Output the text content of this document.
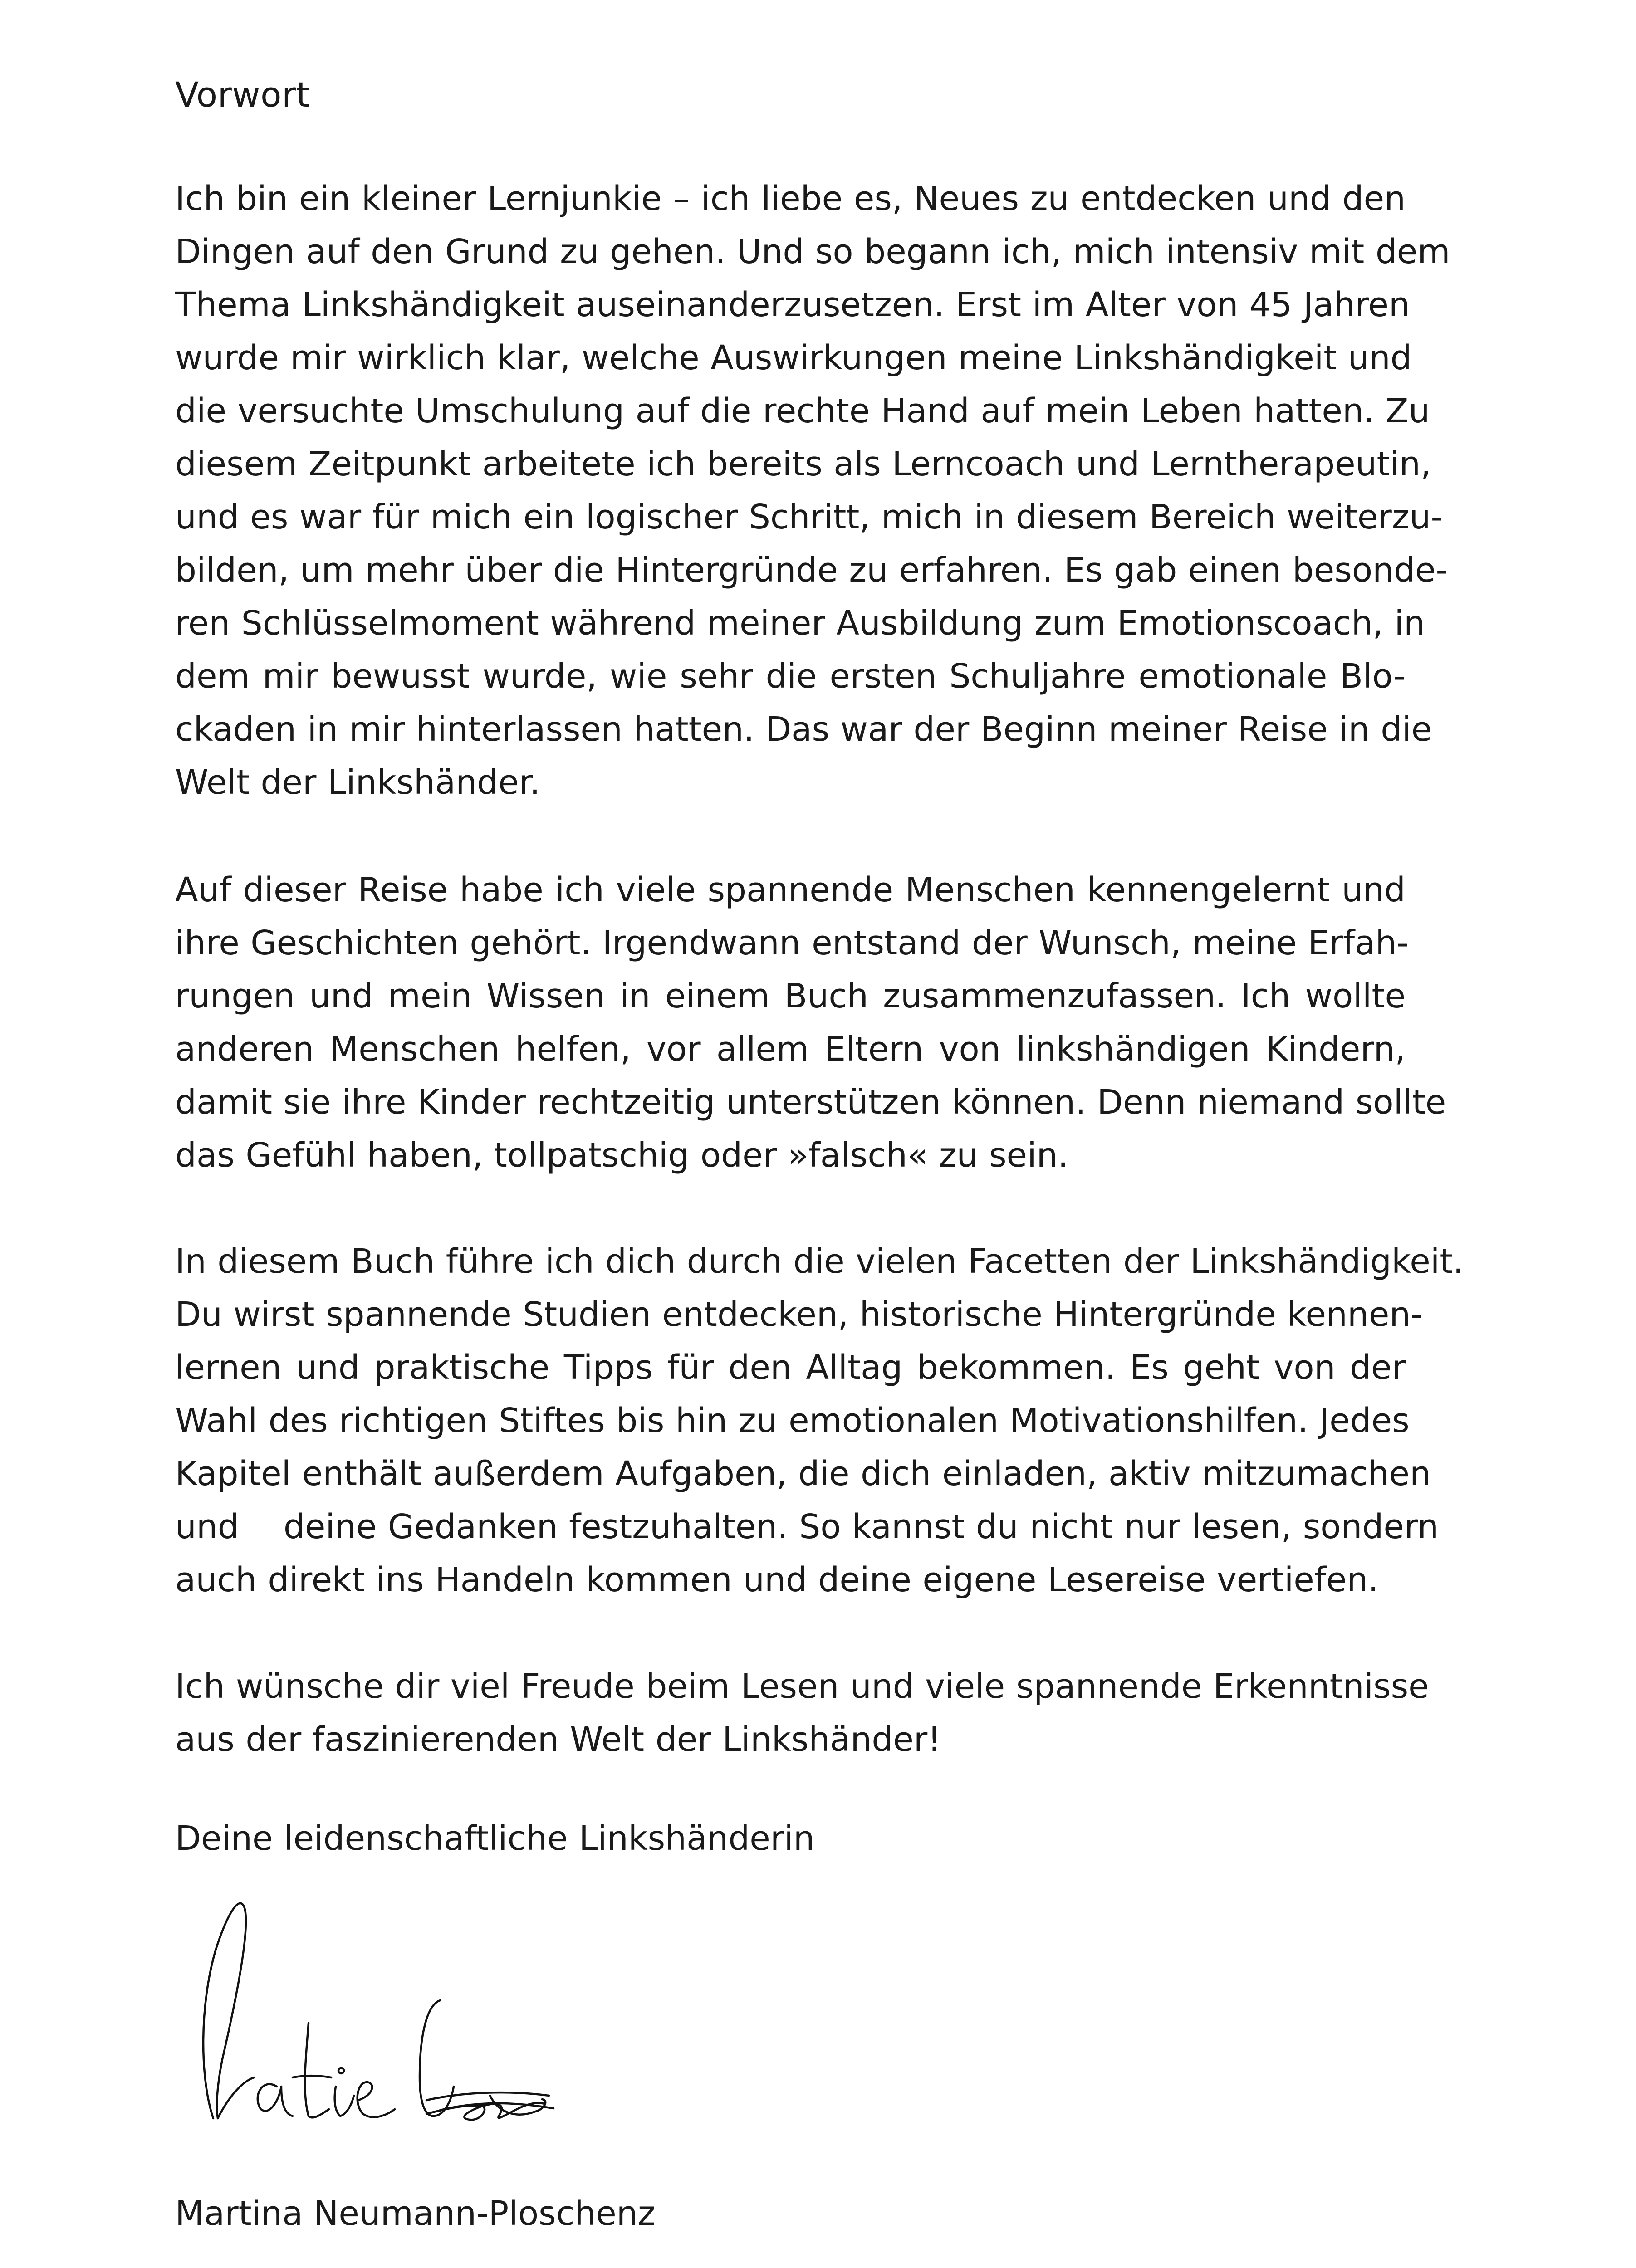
Vorwort

Ich bin ein kleiner Lernjunkie – ich liebe es, Neues zu entdecken und den
Dingen auf den Grund zu gehen. Und so begann ich, mich intensiv mit dem
Thema Linkshändigkeit auseinanderzusetzen. Erst im Alter von 45 Jahren
wurde mir wirklich klar, welche Auswirkungen meine Linkshändigkeit und
die versuchte Umschulung auf die rechte Hand auf mein Leben hatten. Zu
diesem Zeitpunkt arbeitete ich bereits als Lerncoach und Lerntherapeutin,
und es war für mich ein logischer Schritt, mich in diesem Bereich weiterzu-
bilden, um mehr über die Hintergründe zu erfahren. Es gab einen besonde-
ren Schlüsselmoment während meiner Ausbildung zum Emotionscoach, in
dem mir bewusst wurde, wie sehr die ersten Schuljahre emotionale Blo-
ckaden in mir hinterlassen hatten. Das war der Beginn meiner Reise in die
Welt der Linkshänder.

Auf dieser Reise habe ich viele spannende Menschen kennengelernt und
ihre Geschichten gehört. Irgendwann entstand der Wunsch, meine Erfah-
rungen und mein Wissen in einem Buch zusammenzufassen. Ich wollte
anderen Menschen helfen, vor allem Eltern von linkshändigen Kindern,
damit sie ihre Kinder rechtzeitig unterstützen können. Denn niemand sollte
das Gefühl haben, tollpatschig oder »falsch« zu sein.

In diesem Buch führe ich dich durch die vielen Facetten der Linkshändigkeit.
Du wirst spannende Studien entdecken, historische Hintergründe kennen-
lernen und praktische Tipps für den Alltag bekommen. Es geht von der
Wahl des richtigen Stiftes bis hin zu emotionalen Motivationshilfen. Jedes
Kapitel enthält außerdem Aufgaben, die dich einladen, aktiv mitzumachen
und    deine Gedanken festzuhalten. So kannst du nicht nur lesen, sondern
auch direkt ins Handeln kommen und deine eigene Lesereise vertiefen.

Ich wünsche dir viel Freude beim Lesen und viele spannende Erkenntnisse
aus der faszinierenden Welt der Linkshänder!

Deine leidenschaftliche Linkshänderin

Martina Neumann-Ploschenz
